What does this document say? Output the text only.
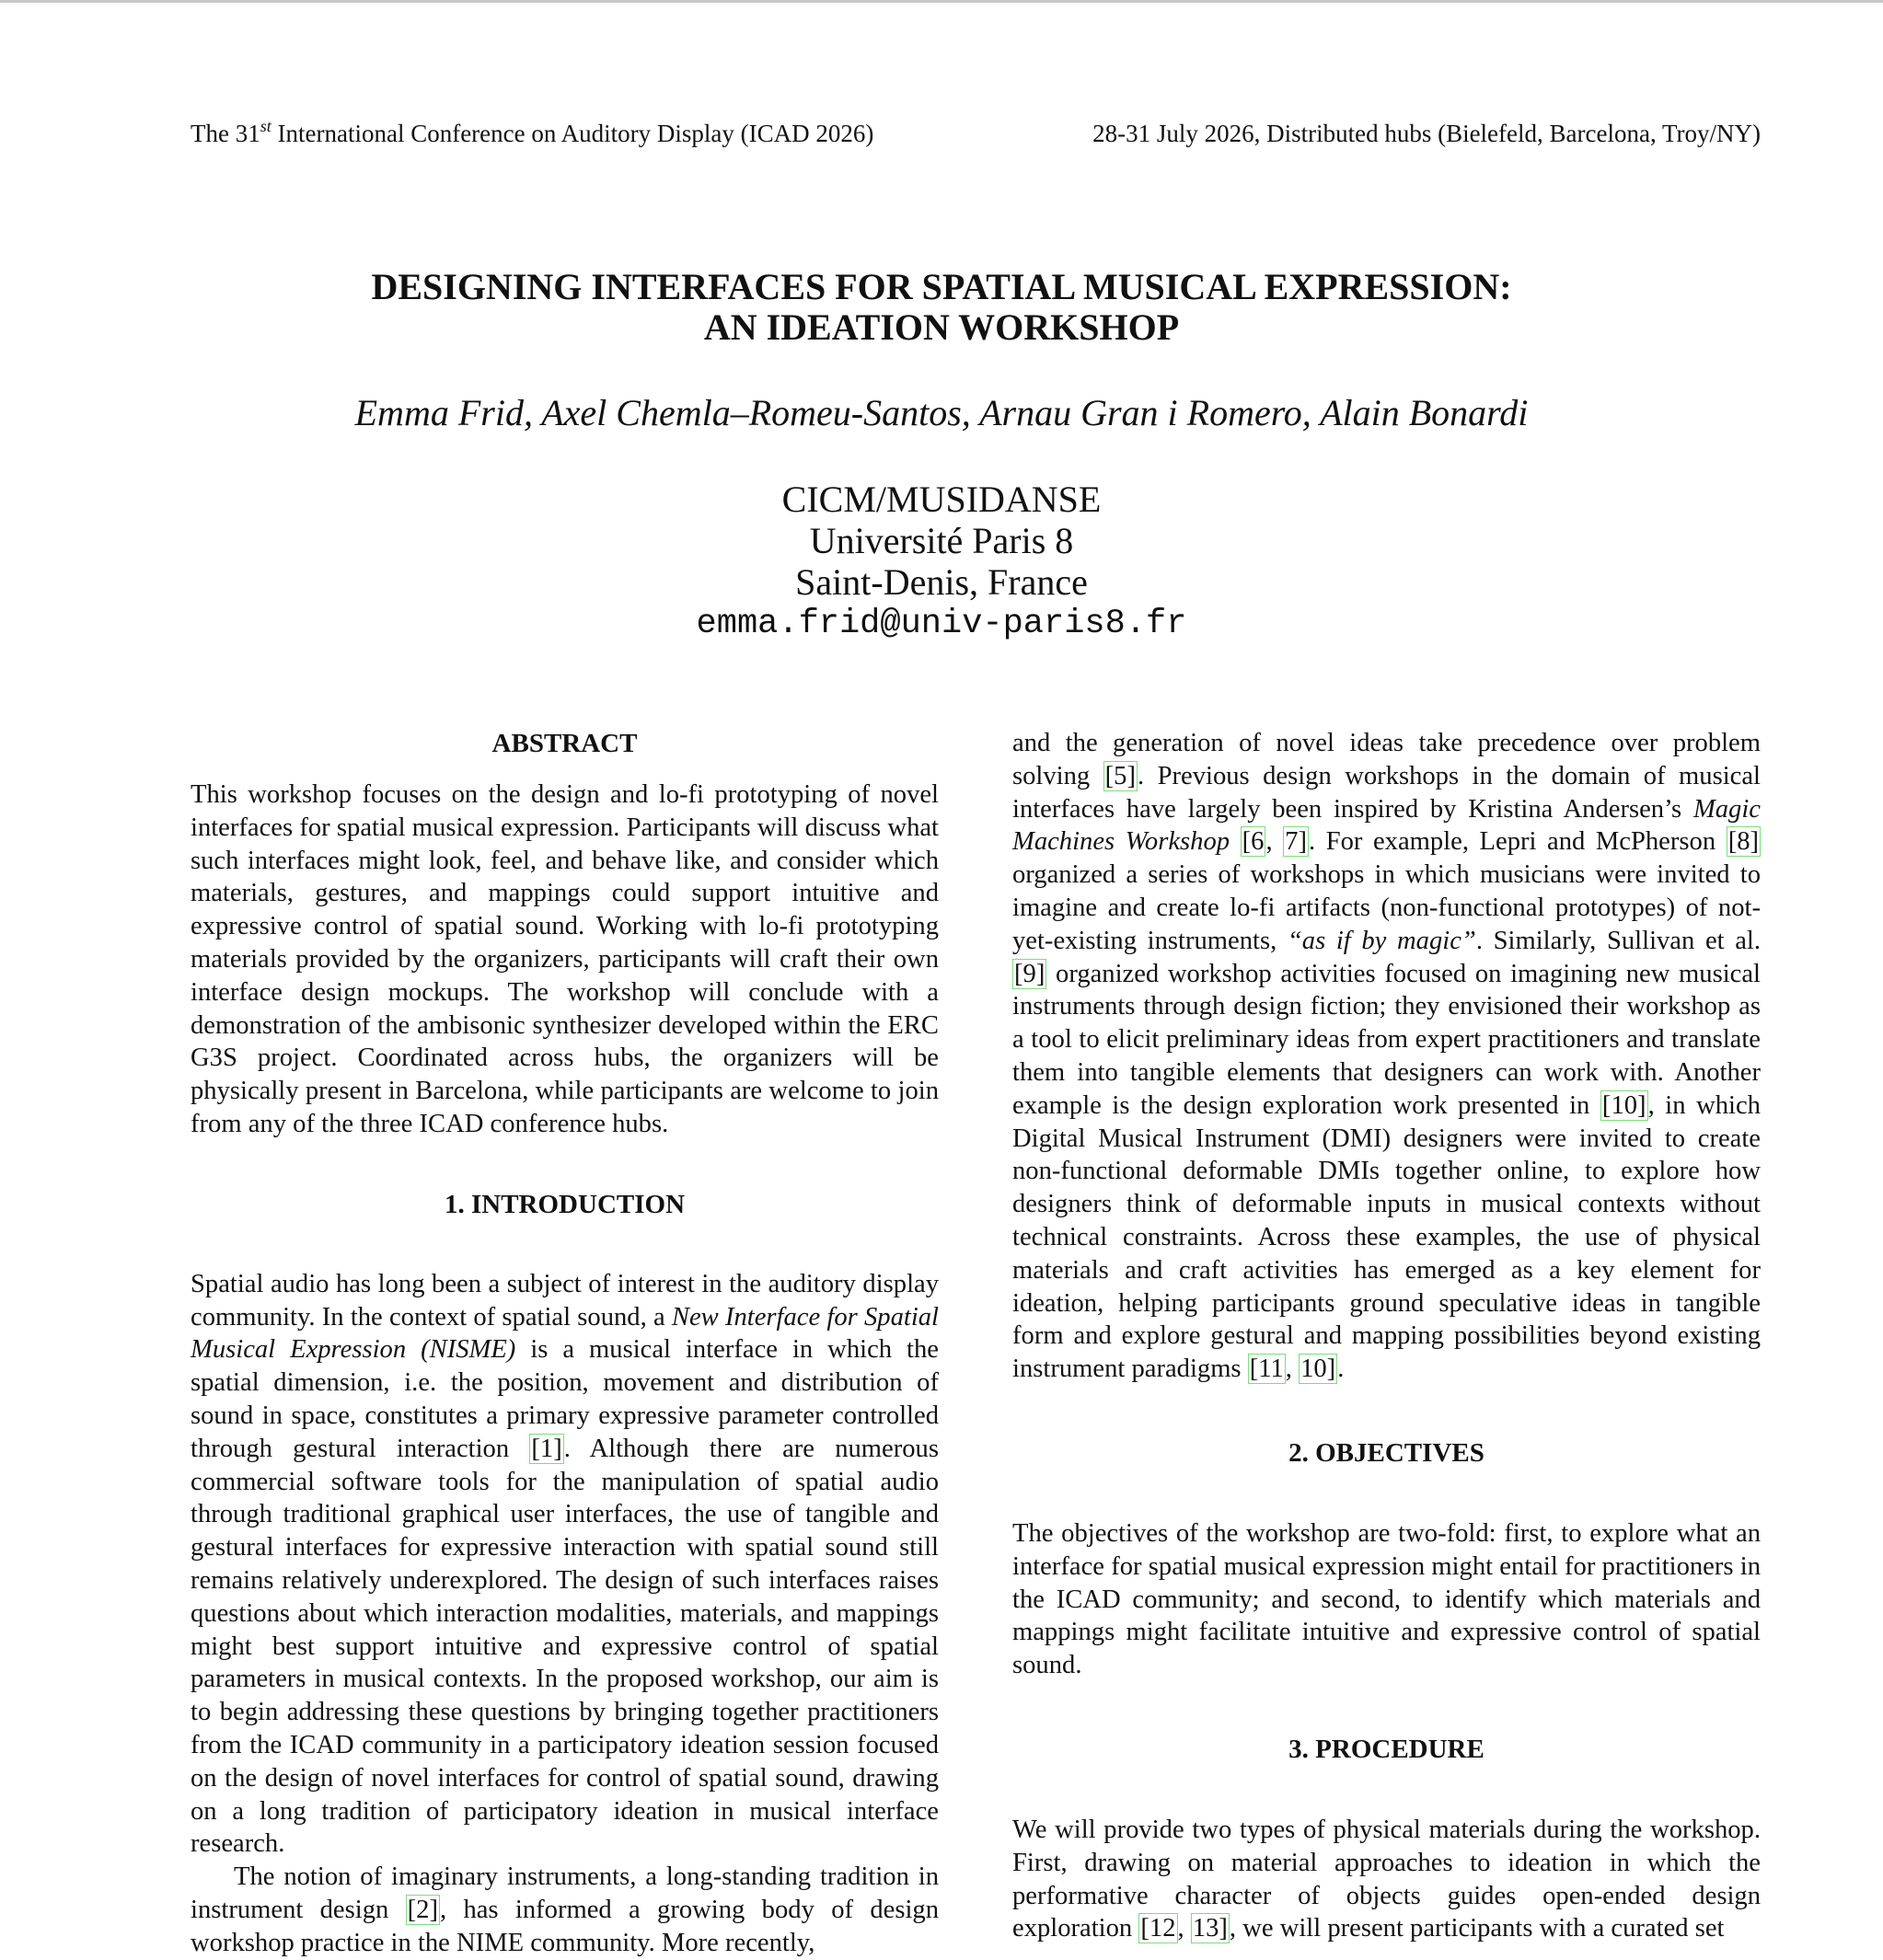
The 31st International Conference on Auditory Display (ICAD 2026)	28-31 July 2026, Distributed hubs (Bielefeld, Barcelona, Troy/NY)
DESIGNING INTERFACES FOR SPATIAL MUSICAL EXPRESSION:
AN IDEATION WORKSHOP
Emma Frid, Axel Chemla–Romeu-Santos, Arnau Gran i Romero, Alain Bonardi
CICM/MUSIDANSE
Université Paris 8
Saint-Denis, France
emma.frid@univ-paris8.fr
ABSTRACT

This workshop focuses on the design and lo-fi prototyping of novel interfaces for spatial musical expression. Participants will discuss what such interfaces might look, feel, and behave like, and consider which materials, gestures, and mappings could support intuitive and expressive control of spatial sound. Working with lo-fi prototyping materials provided by the organizers, participants will craft their own interface design mockups. The workshop will conclude with a demonstration of the ambisonic synthesizer developed within the ERC G3S project. Coordinated across hubs, the organizers will be physically present in Barcelona, while participants are welcome to join from any of the three ICAD conference hubs.

1. INTRODUCTION

Spatial audio has long been a subject of interest in the auditory display community. In the context of spatial sound, a New Interface for Spatial Musical Expression (NISME) is a musical interface in which the spatial dimension, i.e. the position, movement and distribution of sound in space, constitutes a primary expressive parameter controlled through gestural interaction [1]. Although there are numerous commercial software tools for the manipulation of spatial audio through traditional graphical user interfaces, the use of tangible and gestural interfaces for expressive interaction with spatial sound still remains relatively underexplored. The design of such interfaces raises questions about which interaction modalities, materials, and mappings might best support intuitive and expressive control of spatial parameters in musical contexts. In the proposed workshop, our aim is to begin addressing these questions by bringing together practitioners from the ICAD community in a participatory ideation session focused on the design of novel interfaces for control of spatial sound, drawing on a long tradition of participatory ideation in musical interface research.

The notion of imaginary instruments, a long-standing tradition in instrument design [2], has informed a growing body of design workshop practice in the NIME community. More recently,

and the generation of novel ideas take precedence over problem solving [5]. Previous design workshops in the domain of musical interfaces have largely been inspired by Kristina Andersen’s Magic Machines Workshop [6, 7]. For example, Lepri and McPherson [8] organized a series of workshops in which musicians were invited to imagine and create lo-fi artifacts (non-functional prototypes) of not-yet-existing instruments, “as if by magic”. Similarly, Sullivan et al. [9] organized workshop activities focused on imagining new musical instruments through design fiction; they envisioned their workshop as a tool to elicit preliminary ideas from expert practitioners and translate them into tangible elements that designers can work with. Another example is the design exploration work presented in [10], in which Digital Musical Instrument (DMI) designers were invited to create non-functional deformable DMIs together online, to explore how designers think of deformable inputs in musical contexts without technical constraints. Across these examples, the use of physical materials and craft activities has emerged as a key element for ideation, helping participants ground speculative ideas in tangible form and explore gestural and mapping possibilities beyond existing instrument paradigms [11, 10].

2. OBJECTIVES

The objectives of the workshop are two-fold: first, to explore what an interface for spatial musical expression might entail for practitioners in the ICAD community; and second, to identify which materials and mappings might facilitate intuitive and expressive control of spatial sound.

3. PROCEDURE

We will provide two types of physical materials during the workshop. First, drawing on material approaches to ideation in which the performative character of objects guides open-ended design exploration [12, 13], we will present participants with a curated set
